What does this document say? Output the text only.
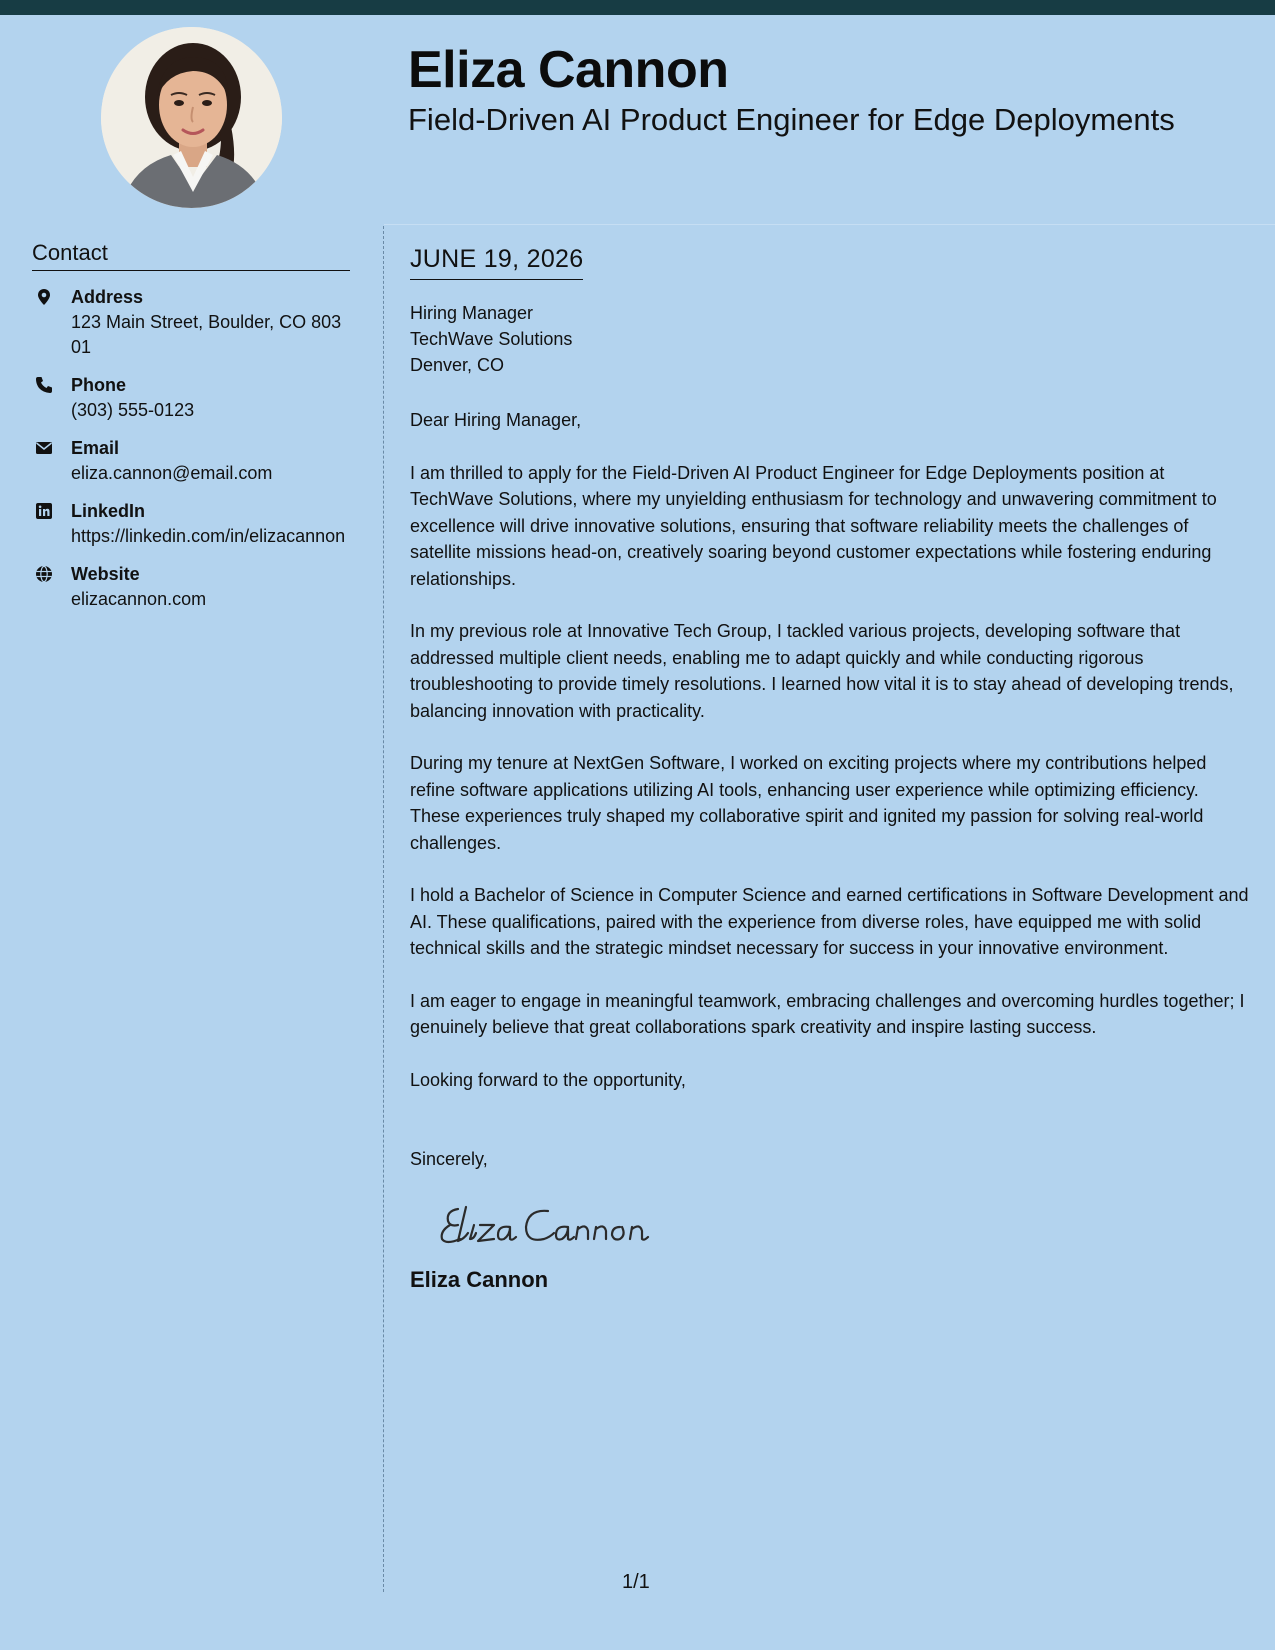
Eliza Cannon
Field-Driven AI Product Engineer for Edge Deployments
Contact
Address
123 Main Street, Boulder, CO 80301
Phone
(303) 555-0123
Email
eliza.cannon@email.com
LinkedIn
https://linkedin.com/in/elizacannon
Website
elizacannon.com
JUNE 19, 2026
Hiring Manager
TechWave Solutions
Denver, CO
Dear Hiring Manager,
I am thrilled to apply for the Field-Driven AI Product Engineer for Edge Deployments position at TechWave Solutions, where my unyielding enthusiasm for technology and unwavering commitment to excellence will drive innovative solutions, ensuring that software reliability meets the challenges of satellite missions head-on, creatively soaring beyond customer expectations while fostering enduring relationships.
In my previous role at Innovative Tech Group, I tackled various projects, developing software that addressed multiple client needs, enabling me to adapt quickly and while conducting rigorous troubleshooting to provide timely resolutions. I learned how vital it is to stay ahead of developing trends, balancing innovation with practicality.
During my tenure at NextGen Software, I worked on exciting projects where my contributions helped refine software applications utilizing AI tools, enhancing user experience while optimizing efficiency. These experiences truly shaped my collaborative spirit and ignited my passion for solving real-world challenges.
I hold a Bachelor of Science in Computer Science and earned certifications in Software Development and AI. These qualifications, paired with the experience from diverse roles, have equipped me with solid technical skills and the strategic mindset necessary for success in your innovative environment.
I am eager to engage in meaningful teamwork, embracing challenges and overcoming hurdles together; I genuinely believe that great collaborations spark creativity and inspire lasting success.
Looking forward to the opportunity,
Sincerely,
Eliza Cannon
1/1
